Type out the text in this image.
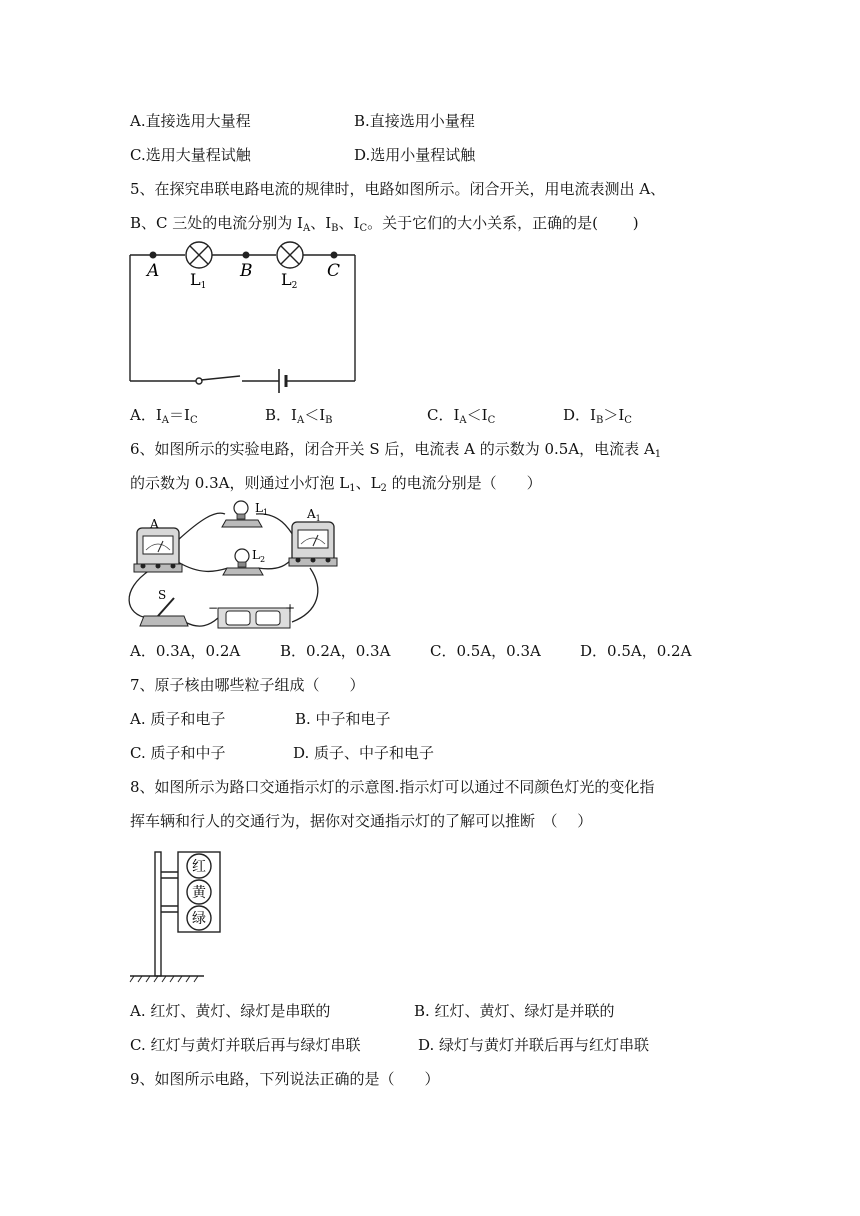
A.直接选用大量程	B.直接选用小量程
C.选用大量程试触	D.选用小量程试触
5、在探究串联电路电流的规律时，电路如图所示。闭合开关，用电流表测出 A、
B、C 三处的电流分别为 $I_A$、$I_B$、$I_C$。关于它们的大小关系，正确的是(　　 )
A	B	C
L1	L2
A．$I_A=I_C$	B．$I_A<I_B$	C．$I_A<I_C$	D．$I_B>I_C$
6、如图所示的实验电路，闭合开关 S 后，电流表 A 的示数为 0.5A，电流表 $A_1$
的示数为 0.3A，则通过小灯泡 $L_1$、$L_2$ 的电流分别是（　　）
A
$A_1$
$L_1$
$L_2$
S
−	+
A．0.3A，0.2A	B．0.2A，0.3A	C．0.5A，0.3A	D．0.5A，0.2A
7、原子核由哪些粒子组成（　　）
A. 质子和电子	B. 中子和电子
C. 质子和中子	D. 质子、中子和电子
8、如图所示为路口交通指示灯的示意图.指示灯可以通过不同颜色灯光的变化指
挥车辆和行人的交通行为，据你对交通指示灯的了解可以推断　（　 ）
红
黄
绿
A. 红灯、黄灯、绿灯是串联的	B. 红灯、黄灯、绿灯是并联的
C. 红灯与黄灯并联后再与绿灯串联	D. 绿灯与黄灯并联后再与红灯串联
9、如图所示电路，下列说法正确的是（　　）
